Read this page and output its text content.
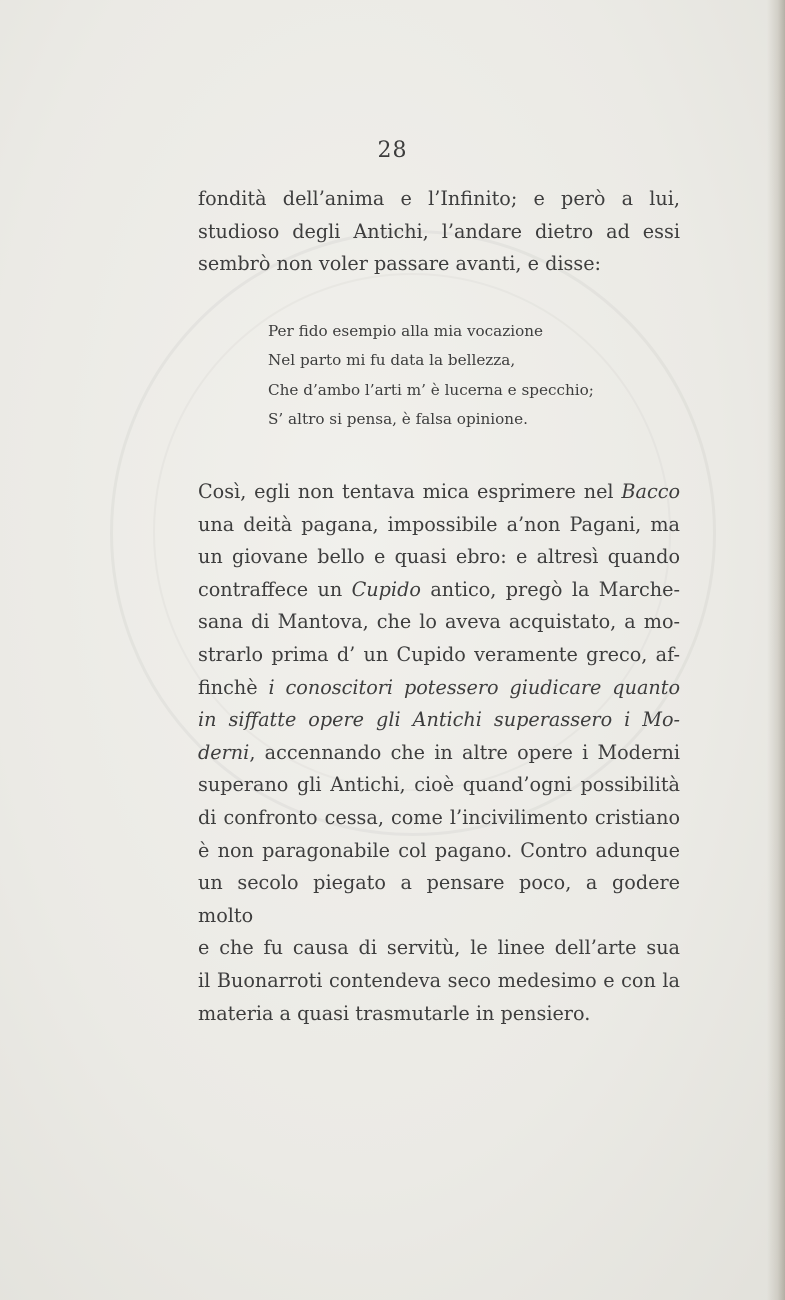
28
fondità dell’anima e l’Infinito; e però a lui,
studioso degli Antichi, l’andare dietro ad essi
sembrò non voler passare avanti, e disse:
Per fido esempio alla mia vocazione
Nel parto mi fu data la bellezza,
Che d’ambo l’arti m’ è lucerna e specchio;
S’ altro si pensa, è falsa opinione.
Così, egli non tentava mica esprimere nel Bacco
una deità pagana, impossibile a’non Pagani, ma
un giovane bello e quasi ebro: e altresì quando
contraffece un Cupido antico, pregò la Marche-
sana di Mantova, che lo aveva acquistato, a mo-
strarlo prima d’ un Cupido veramente greco, af-
finchè i conoscitori potessero giudicare quanto
in siffatte opere gli Antichi superassero i Mo-
derni, accennando che in altre opere i Moderni
superano gli Antichi, cioè quand’ogni possibilità
di confronto cessa, come l’incivilimento cristiano
è non paragonabile col pagano. Contro adunque
un secolo piegato a pensare poco, a godere molto
e che fu causa di servitù, le linee dell’arte sua
il Buonarroti contendeva seco medesimo e con la
materia a quasi trasmutarle in pensiero.
